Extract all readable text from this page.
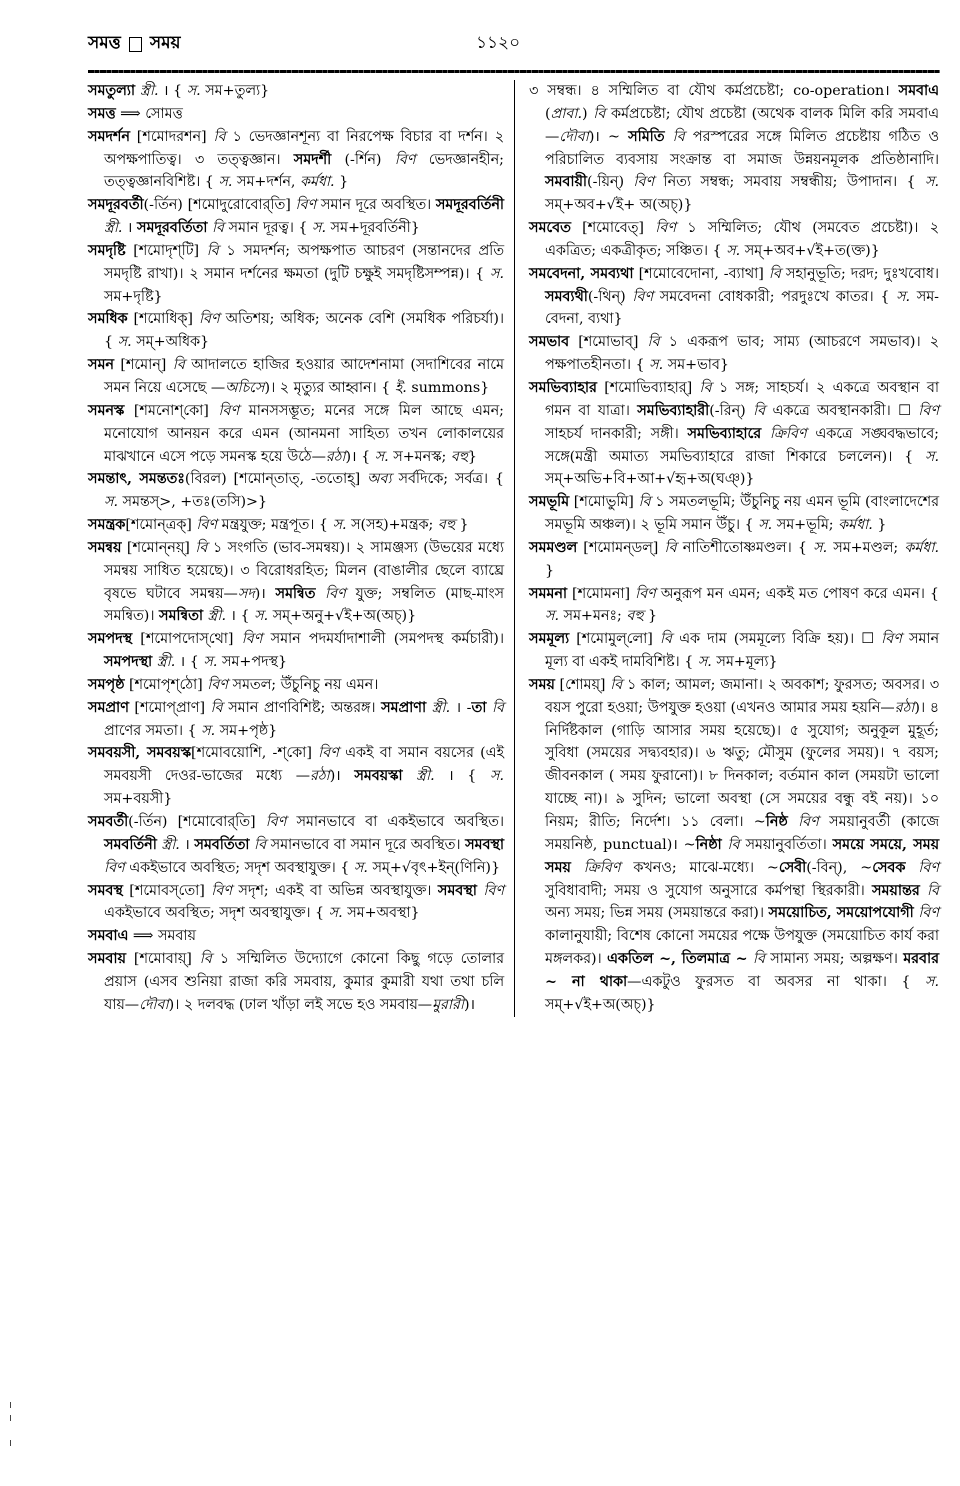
সমত্ত সময়	১১২০

সমতুল্যা স্ত্রী. । { স. সম+তুল্য}

সমত্ত ⟹ সোমত্ত

সমদর্শন [শমোদরশন] বি ১ ভেদজ্ঞানশূন্য বা নিরপেক্ষ বিচার বা দর্শন। ২ অপক্ষপাতিত্ব। ৩ তত্ত্বজ্ঞান। সমদর্শী (-র্শিন) বিণ ভেদজ্ঞানহীন; তত্ত্বজ্ঞানবিশিষ্ট। { স. সম+দর্শন, কর্মধা. }

সমদূরবর্তী(-র্তিন) [শমোদুরোবোর্‌তি] বিণ সমান দূরে অবস্থিত। সমদূরবর্তিনী স্ত্রী. । সমদূরবর্তিতা বি সমান দূরত্ব। { স. সম+দূরবর্তিনী}

সমদৃষ্টি [শমোদৃশ্‌টি] বি ১ সমদর্শন; অপক্ষপাত আচরণ (সন্তানদের প্রতি সমদৃষ্টি রাখা)। ২ সমান দর্শনের ক্ষমতা (দুটি চক্ষুই সমদৃষ্টিসম্পন্ন)। { স. সম+দৃষ্টি}

সমধিক [শমোধিক্‌] বিণ অতিশয়; অধিক; অনেক বেশি (সমধিক পরিচর্যা)। { স. সম্‌+অধিক}

সমন [শমোন্‌] বি আদালতে হাজির হওয়ার আদেশনামা (সদাশিবের নামে সমন নিয়ে এসেছে —অচিসে)। ২ মৃত্যুর আহ্বান। { ই. summons}

সমনস্ক [শমনোশ্‌কো] বিণ মানসসম্ভূত; মনের সঙ্গে মিল আছে এমন; মনোযোগ আনয়ন করে এমন (আনমনা সাহিত্য তখন লোকালয়ের মাঝখানে এসে পড়ে সমনস্ক হয়ে উঠে—রঠা)। { স. স+মনস্ক; বহু}

সমন্তাৎ, সমন্ততঃ(বিরল) [শমোন্‌তাত্‌, -ততোহ্‌] অব্য সর্বদিকে; সর্বত্র। { স. সমন্তস্‌>, +তঃ(তসি)>}

সমন্ত্রক[শমোন্‌ত্রক্‌] বিণ মন্ত্রযুক্ত; মন্ত্রপূত। { স. স(সহ)+মন্ত্রক; বহু }

সমন্বয় [শমোন্‌নয়্‌] বি ১ সংগতি (ভাব-সমন্বয়)। ২ সামঞ্জস্য (উভয়ের মধ্যে সমন্বয় সাধিত হয়েছে)। ৩ বিরোধরহিত; মিলন (বাঙালীর ছেলে ব্যাঘ্রে বৃষভে ঘটাবে সমন্বয়—সদ)। সমন্বিত বিণ যুক্ত; সম্বলিত (মাছ-মাংস সমন্বিত)। সমন্বিতা স্ত্রী. । { স. সম্‌+অনু+√ই+অ(অচ্‌)}

সমপদস্থ [শমোপদোস্‌থো] বিণ সমান পদমর্যাদাশালী (সমপদস্থ কর্মচারী)। সমপদস্থা স্ত্রী. । { স. সম+পদস্থ}

সমপৃষ্ঠ [শমোপৃশ্‌ঠো] বিণ সমতল; উঁচুনিচু নয় এমন।

সমপ্রাণ [শমোপ্‌প্রাণ] বি সমান প্রাণবিশিষ্ট; অন্তরঙ্গ। সমপ্রাণা স্ত্রী. । -তা বি প্রাণের সমতা। { স. সম+পৃষ্ঠ}

সমবয়সী, সমবয়স্ক[শমোবয়োশি, -শ্‌কো] বিণ একই বা সমান বয়সের (এই সমবয়সী দেওর-ভাজের মধ্যে —রঠা)। সমবয়স্কা স্ত্রী. । { স. সম+বয়সী}

সমবর্তী(-র্তিন) [শমোবোর্‌তি] বিণ সমানভাবে বা একইভাবে অবস্থিত। সমবর্তিনী স্ত্রী. । সমবর্তিতা বি সমানভাবে বা সমান দূরে অবস্থিত। সমবস্থা বিণ একইভাবে অবস্থিত; সদৃশ অবস্থাযুক্ত। { স. সম্‌+√বৃৎ+ইন্‌(ণিনি)}

সমবস্থ [শমোবস্‌তো] বিণ সদৃশ; একই বা অভিন্ন অবস্থাযুক্ত। সমবস্থা বিণ একইভাবে অবস্থিত; সদৃশ অবস্থাযুক্ত। { স. সম+অবস্থা}

সমবাএ ⟹ সমবায়

সমবায় [শমোবায়্‌] বি ১ সম্মিলিত উদ্যোগে কোনো কিছু গড়ে তোলার প্রয়াস (এসব শুনিয়া রাজা করি সমবায়, কুমার কুমারী যথা তথা চলি যায়—দৌবা)। ২ দলবদ্ধ (ঢাল খাঁড়া লই সভে হও সমবায়—মুরারী)।

৩ সম্বন্ধ। ৪ সম্মিলিত বা যৌথ কর্মপ্রচেষ্টা; co-operation। সমবাএ (প্রাবা.) বি কর্মপ্রচেষ্টা; যৌথ প্রচেষ্টা (অথেক বালক মিলি করি সমবাএ—দৌবা)। ~ সমিতি বি পরস্পরের সঙ্গে মিলিত প্রচেষ্টায় গঠিত ও পরিচালিত ব্যবসায় সংক্রান্ত বা সমাজ উন্নয়নমূলক প্রতিষ্ঠানাদি। সমবায়ী(-য়িন্‌) বিণ নিত্য সম্বন্ধ; সমবায় সম্বন্ধীয়; উপাদান। { স. সম্‌+অব+√ই+ অ(অচ্‌)}

সমবেত [শমোবেত্‌] বিণ ১ সম্মিলিত; যৌথ (সমবেত প্রচেষ্টা)। ২ একত্রিত; একত্রীকৃত; সঞ্চিত। { স. সম্‌+অব+√ই+ত(ক্ত)}

সমবেদনা, সমব্যথা [শমোবেদোনা, -ব্যাথা] বি সহানুভূতি; দরদ; দুঃখবোধ। সমব্যথী(-থিন্‌) বিণ সমবেদনা বোধকারী; পরদুঃখে কাতর। { স. সম-বেদনা, ব্যথা}

সমভাব [শমোভাব্‌] বি ১ একরূপ ভাব; সাম্য (আচরণে সমভাব)। ২ পক্ষপাতহীনতা। { স. সম+ভাব}

সমভিব্যাহার [শমোভিব্যাহার্‌] বি ১ সঙ্গ; সাহচর্য। ২ একত্রে অবস্থান বা গমন বা যাত্রা। সমভিব্যাহারী(-রিন্‌) বি একত্রে অবস্থানকারী। ☐ বিণ সাহচর্য দানকারী; সঙ্গী। সমভিব্যাহারে ক্রিবিণ একত্রে সঙ্ঘবদ্ধভাবে; সঙ্গে(মন্ত্রী অমাত্য সমভিব্যাহারে রাজা শিকারে চললেন)। { স. সম্‌+অভি+বি+আ+√হৃ+অ(ঘঞ্‌)}

সমভূমি [শমোভুমি] বি ১ সমতলভূমি; উঁচুনিচু নয় এমন ভূমি (বাংলাদেশের সমভূমি অঞ্চল)। ২ ভূমি সমান উঁচু। { স. সম+ভূমি; কর্মধা. }

সমমণ্ডল [শমোমন্‌ডল্‌] বি নাতিশীতোষ্ণমণ্ডল। { স. সম+মণ্ডল; কর্মধা. }

সমমনা [শমোমনা] বিণ অনুরূপ মন এমন; একই মত পোষণ করে এমন। { স. সম+মনঃ; বহু }

সমমূল্য [শমোমুল্‌লো] বি এক দাম (সমমূল্যে বিক্রি হয়)। ☐ বিণ সমান মূল্য বা একই দামবিশিষ্ট। { স. সম+মূল্য}

সময় [শোময়্‌] বি ১ কাল; আমল; জমানা। ২ অবকাশ; ফুরসত; অবসর। ৩ বয়স পুরো হওয়া; উপযুক্ত হওয়া (এখনও আমার সময় হয়নি—রঠা)। ৪ নির্দিষ্টকাল (গাড়ি আসার সময় হয়েছে)। ৫ সুযোগ; অনুকূল মুহূর্ত; সুবিধা (সময়ের সদ্ব্যবহার)। ৬ ঋতু; মৌসুম (ফুলের সময়)। ৭ বয়স; জীবনকাল ( সময় ফুরানো)। ৮ দিনকাল; বর্তমান কাল (সময়টা ভালো যাচ্ছে না)। ৯ সুদিন; ভালো অবস্থা (সে সময়ের বন্ধু বই নয়)। ১০ নিয়ম; রীতি; নির্দেশ। ১১ বেলা। ~নিষ্ঠ বিণ সময়ানুবর্তী (কাজে সময়নিষ্ঠ, punctual)। ~নিষ্ঠা বি সময়ানুবর্তিতা। সময়ে সময়ে, সময় সময় ক্রিবিণ কখনও; মাঝে-মধ্যে। ~সেবী(-বিন্‌), ~সেবক বিণ সুবিধাবাদী; সময় ও সুযোগ অনুসারে কর্মপন্থা স্থিরকারী। সময়ান্তর বি অন্য সময়; ভিন্ন সময় (সময়ান্তরে করা)। সময়োচিত, সময়োপযোগী বিণ কালানুযায়ী; বিশেষ কোনো সময়ের পক্ষে উপযুক্ত (সময়োচিত কার্য করা মঙ্গলকর)। একতিল ~, তিলমাত্র ~ বি সামান্য সময়; অল্পক্ষণ। মরবার ~ না থাকা—একটুও ফুরসত বা অবসর না থাকা। { স. সম্‌+√ই+অ(অচ্‌)}
